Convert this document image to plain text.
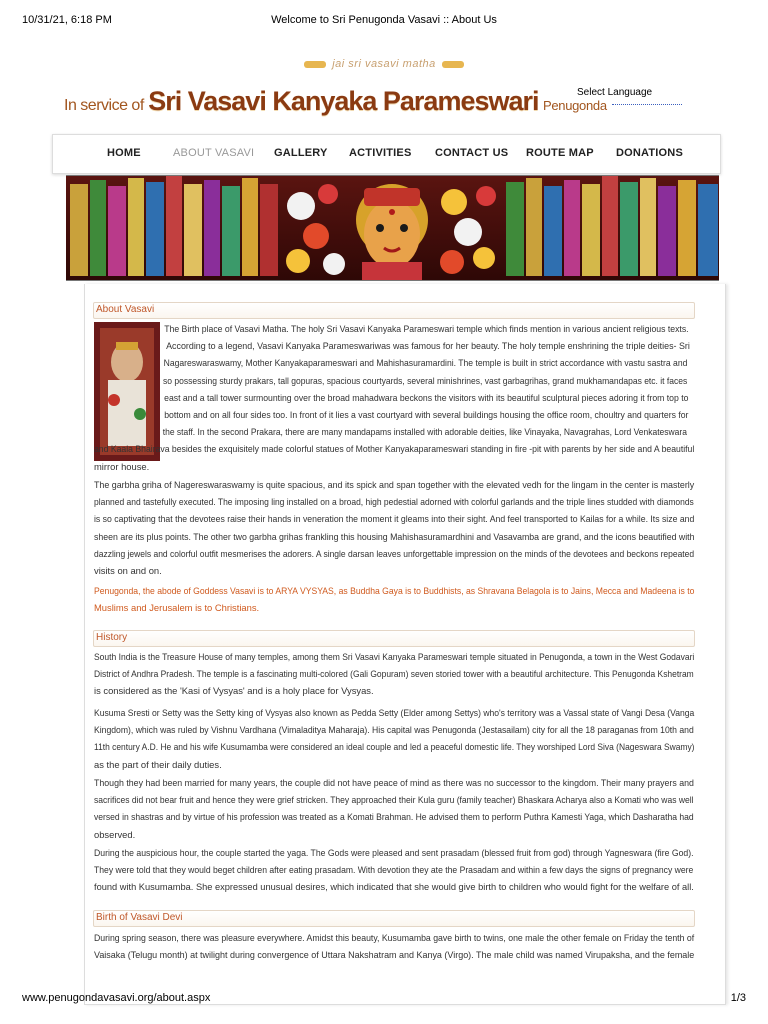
10/31/21, 6:18 PM	Welcome to Sri Penugonda Vasavi :: About Us
jai sri vasavi matha
In service of Sri Vasavi Kanyaka Parameswari Penugonda
Select Language
HOME	ABOUT VASAVI GALLERY ACTIVITIES CONTACT US ROUTE MAP DONATIONS
About Vasavi
The Birth place of Vasavi Matha. The holy Sri Vasavi Kanyaka Parameswari temple which finds mention in various ancient religious texts.
According to a legend, Vasavi Kanyaka Parameswariwas was famous for her beauty. The holy temple enshrining the triple deities- Sri
Nagareswaraswamy, Mother Kanyakaparameswari and Mahishasuramardini. The temple is built in strict accordance with vastu sastra and
so possessing sturdy prakars, tall gopuras, spacious courtyards, several minishrines, vast garbagrihas, grand mukhamandapas etc. it faces
east and a tall tower surmounting over the broad mahadwara beckons the visitors with its beautiful sculptural pieces adoring it from top to
bottom and on all four sides too. In front of it lies a vast courtyard with several buildings housing the office room, choultry and quarters for
the staff. In the second Prakara, there are many mandapams installed with adorable deities, like Vinayaka, Navagrahas, Lord Venkateswara
and Kaala Bhairava besides the exquisitely made colorful statues of Mother Kanyakaparameswari standing in fire -pit with parents by her side and A beautiful
mirror house.
The garbha griha of Nagereswaraswamy is quite spacious, and its spick and span together with the elevated vedh for the lingam in the center is masterly
planned and tastefully executed. The imposing ling installed on a broad, high pedestial adorned with colorful garlands and the triple lines studded with diamonds
is so captivating that the devotees raise their hands in veneration the moment it gleams into their sight. And feel transported to Kailas for a while. Its size and
sheen are its plus points. The other two garbha grihas frankling this housing Mahishasuramardhini and Vasavamba are grand, and the icons beautified with
dazzling jewels and colorful outfit mesmerises the adorers. A single darsan leaves unforgettable impression on the minds of the devotees and beckons repeated
visits on and on.
Penugonda, the abode of Goddess Vasavi is to ARYA VYSYAS, as Buddha Gaya is to Buddhists, as Shravana Belagola is to Jains, Mecca and Madeena is to
Muslims and Jerusalem is to Christians.
History
South India is the Treasure House of many temples, among them Sri Vasavi Kanyaka Parameswari temple situated in Penugonda, a town in the West Godavari
District of Andhra Pradesh. The temple is a fascinating multi-colored (Gali Gopuram) seven storied tower with a beautiful architecture. This Penugonda Kshetram
is considered as the 'Kasi of Vysyas' and is a holy place for Vysyas.
Kusuma Sresti or Setty was the Setty king of Vysyas also known as Pedda Setty (Elder among Settys) who's territory was a Vassal state of Vangi Desa (Vanga
Kingdom), which was ruled by Vishnu Vardhana (Vimaladitya Maharaja). His capital was Penugonda (Jestasailam) city for all the 18 paraganas from 10th and
11th century A.D. He and his wife Kusumamba were considered an ideal couple and led a peaceful domestic life. They worshiped Lord Siva (Nageswara Swamy)
as the part of their daily duties.
Though they had been married for many years, the couple did not have peace of mind as there was no successor to the kingdom. Their many prayers and
sacrifices did not bear fruit and hence they were grief stricken. They approached their Kula guru (family teacher) Bhaskara Acharya also a Komati who was well
versed in shastras and by virtue of his profession was treated as a Komati Brahman. He advised them to perform Puthra Kamesti Yaga, which Dasharatha had
observed.
During the auspicious hour, the couple started the yaga. The Gods were pleased and sent prasadam (blessed fruit from god) through Yagneswara (fire God).
They were told that they would beget children after eating prasadam. With devotion they ate the Prasadam and within a few days the signs of pregnancy were
found with Kusumamba. She expressed unusual desires, which indicated that she would give birth to children who would fight for the welfare of all.
Birth of Vasavi Devi
During spring season, there was pleasure everywhere. Amidst this beauty, Kusumamba gave birth to twins, one male the other female on Friday the tenth of
Vaisaka (Telugu month) at twilight during convergence of Uttara Nakshatram and Kanya (Virgo). The male child was named Virupaksha, and the female
www.penugondavasavi.org/about.aspx	1/3
